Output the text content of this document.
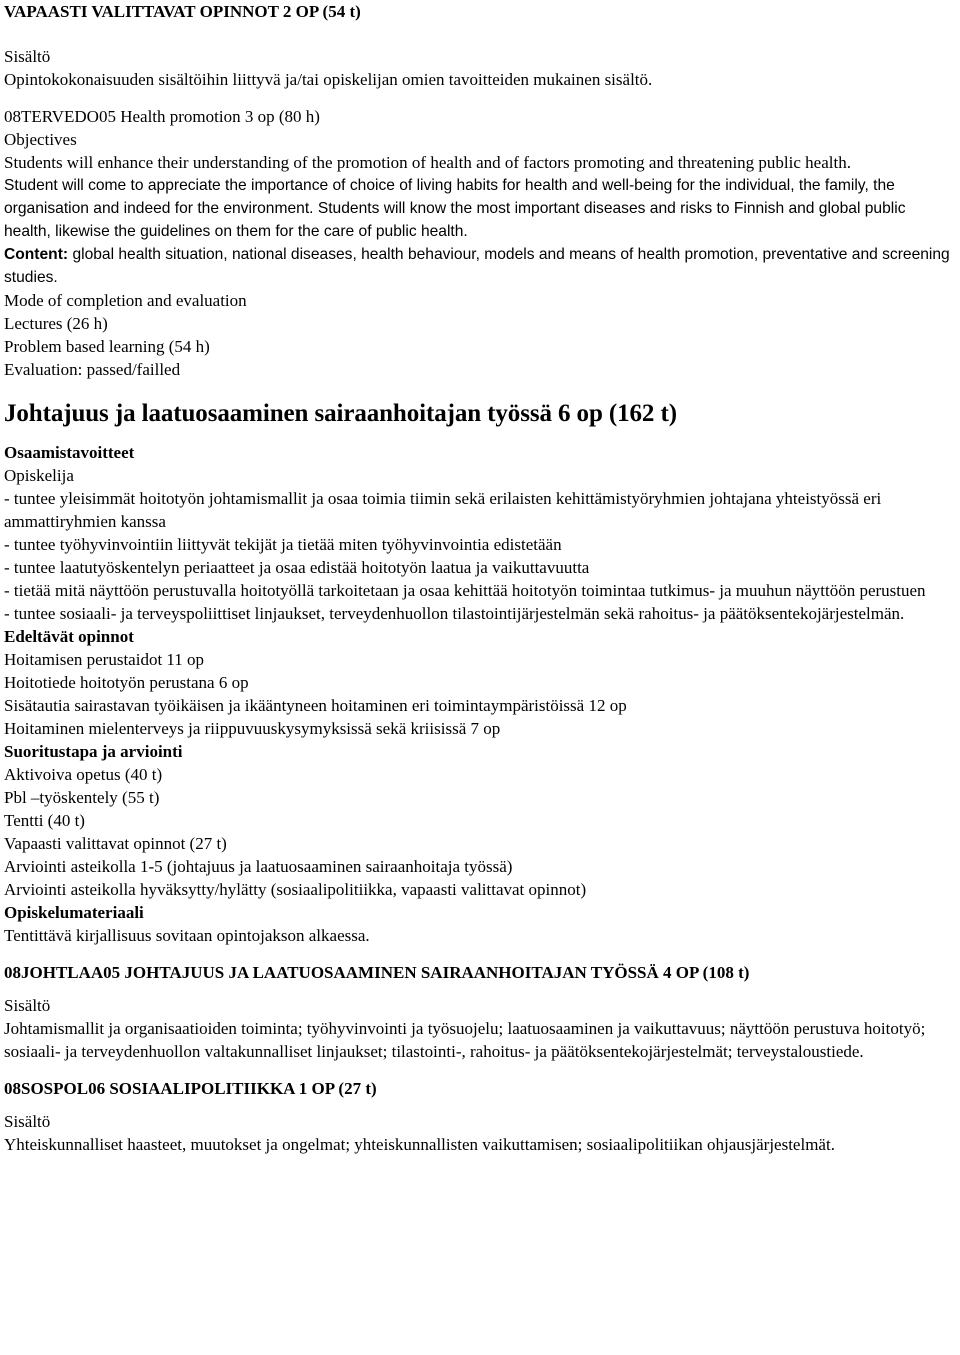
VAPAASTI VALITTAVAT OPINNOT 2 OP (54 t)
Sisältö
Opintokokonaisuuden sisältöihin liittyvä ja/tai opiskelijan omien tavoitteiden mukainen sisältö.
08TERVEDO05 Health promotion 3 op (80 h)
Objectives
Students will enhance their understanding of the promotion of health and of factors promoting and threatening public health.

Student will come to appreciate the importance of choice of living habits for health and well-being for the individual, the family, the organisation and indeed for the environment. Students will know the most important diseases and risks to Finnish and global public health, likewise the guidelines on them for the care of public health.

Content: global health situation, national diseases, health behaviour, models and means of health promotion, preventative and screening studies.

Mode of completion and evaluation
Lectures (26 h)
Problem based learning (54 h)
Evaluation: passed/failled
Johtajuus ja laatuosaaminen sairaanhoitajan työssä 6 op (162 t)
Osaamistavoitteet
Opiskelija
- tuntee yleisimmät hoitotyön johtamismallit ja osaa toimia tiimin sekä erilaisten kehittämistyöryhmien johtajana yhteistyössä eri ammattiryhmien kanssa
- tuntee työhyvinvointiin liittyvät tekijät ja tietää miten työhyvinvointia edistetään
- tuntee laatutyöskentelyn periaatteet ja osaa edistää hoitotyön laatua ja vaikuttavuutta
- tietää mitä näyttöön perustuvalla hoitotyöllä tarkoitetaan ja osaa kehittää hoitotyön toimintaa tutkimus- ja muuhun näyttöön perustuen
- tuntee sosiaali- ja terveyspoliittiset linjaukset, terveydenhuollon tilastointijärjestelmän sekä rahoitus- ja päätöksentekojärjestelmän.
Edeltävät opinnot
Hoitamisen perustaidot 11 op
Hoitotiede hoitotyön perustana 6 op
Sisätautia sairastavan työikäisen ja ikääntyneen hoitaminen eri toimintaympäristöissä 12 op
Hoitaminen mielenterveys ja riippuvuuskysymyksissä sekä kriisissä 7 op
Suoritustapa ja arviointi
Aktivoiva opetus (40 t)
Pbl –työskentely (55 t)
Tentti (40 t)
Vapaasti valittavat opinnot (27 t)
Arviointi asteikolla 1-5 (johtajuus ja laatuosaaminen sairaanhoitaja työssä)
Arviointi asteikolla hyväksytty/hylätty (sosiaalipolitiikka, vapaasti valittavat opinnot)
Opiskelumateriaali
Tentittävä kirjallisuus sovitaan opintojakson alkaessa.
08JOHTLAA05 JOHTAJUUS JA LAATUOSAAMINEN SAIRAANHOITAJAN TYÖSSÄ 4 OP (108 t)
Sisältö
Johtamismallit ja organisaatioiden toiminta; työhyvinvointi ja työsuojelu; laatuosaaminen ja vaikuttavuus; näyttöön perustuva hoitotyö; sosiaali- ja terveydenhuollon valtakunnalliset linjaukset; tilastointi-, rahoitus- ja päätöksentekojärjestelmät; terveystaloustiede.
08SOSPOL06 SOSIAALIPOLITIIKKA 1 OP (27 t)
Sisältö
Yhteiskunnalliset haasteet, muutokset ja ongelmat; yhteiskunnallisten vaikuttamisen; sosiaalipolitiikan ohjausjärjestelmät.
